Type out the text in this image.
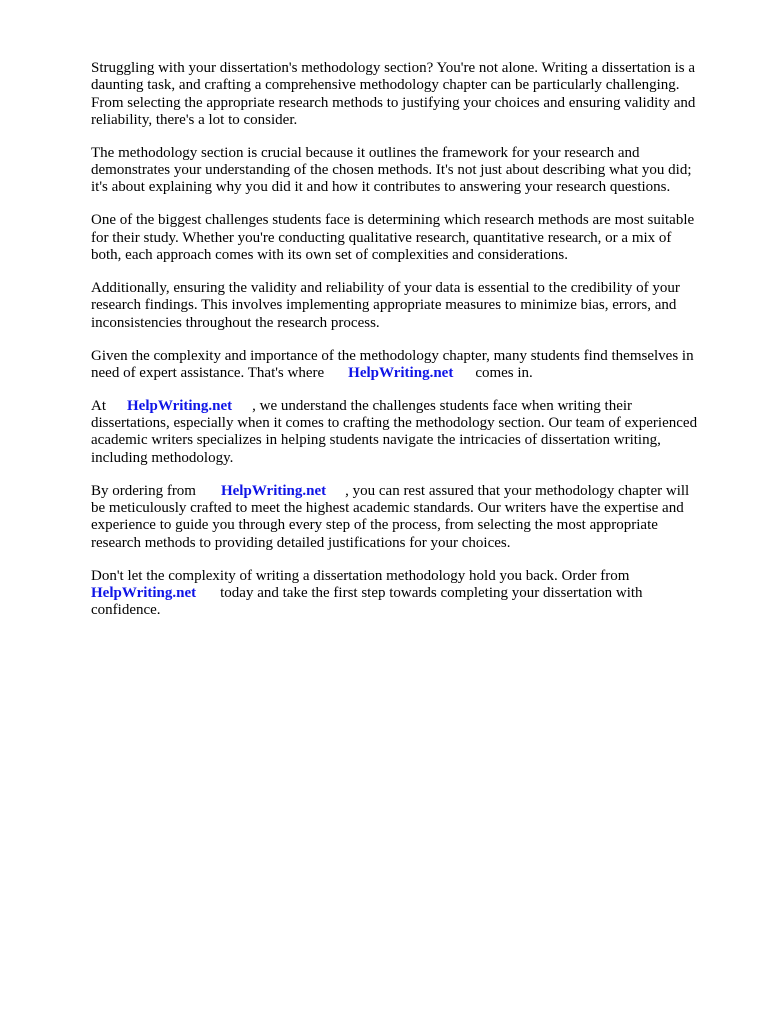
Struggling with your dissertation's methodology section? You're not alone. Writing a dissertation is a
daunting task, and crafting a comprehensive methodology chapter can be particularly challenging.
From selecting the appropriate research methods to justifying your choices and ensuring validity and
reliability, there's a lot to consider.
The methodology section is crucial because it outlines the framework for your research and
demonstrates your understanding of the chosen methods. It's not just about describing what you did;
it's about explaining why you did it and how it contributes to answering your research questions.
One of the biggest challenges students face is determining which research methods are most suitable
for their study. Whether you're conducting qualitative research, quantitative research, or a mix of
both, each approach comes with its own set of complexities and considerations.
Additionally, ensuring the validity and reliability of your data is essential to the credibility of your
research findings. This involves implementing appropriate measures to minimize bias, errors, and
inconsistencies throughout the research process.
Given the complexity and importance of the methodology chapter, many students find themselves in
need of expert assistance. That's where HelpWriting.net comes in.
At HelpWriting.net , we understand the challenges students face when writing their
dissertations, especially when it comes to crafting the methodology section. Our team of experienced
academic writers specializes in helping students navigate the intricacies of dissertation writing,
including methodology.
By ordering from HelpWriting.net , you can rest assured that your methodology chapter will
be meticulously crafted to meet the highest academic standards. Our writers have the expertise and
experience to guide you through every step of the process, from selecting the most appropriate
research methods to providing detailed justifications for your choices.
Don't let the complexity of writing a dissertation methodology hold you back. Order from
HelpWriting.net today and take the first step towards completing your dissertation with
confidence.
